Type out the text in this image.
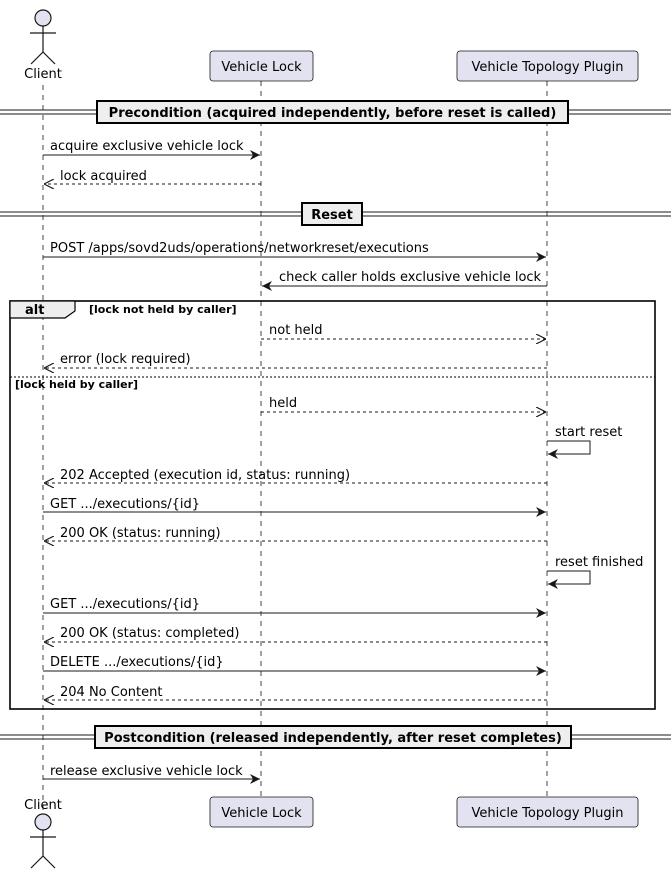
Client	Vehicle Lock	Vehicle Topology Plugin
Client
Vehicle Lock	Vehicle Topology Plugin
Precondition (acquired independently, before reset is called)
acquire exclusive vehicle lock
lock acquired
Reset
POST /apps/sovd2uds/operations/networkreset/executions
check caller holds exclusive vehicle lock
alt	[lock not held by caller]
[lock held by caller]
not held
error (lock required)
held
start reset
202 Accepted (execution id, status: running)
GET .../executions/{id}
200 OK (status: running)
reset finished
GET .../executions/{id}
200 OK (status: completed)
DELETE .../executions/{id}
204 No Content
Postcondition (released independently, after reset completes)
release exclusive vehicle lock
